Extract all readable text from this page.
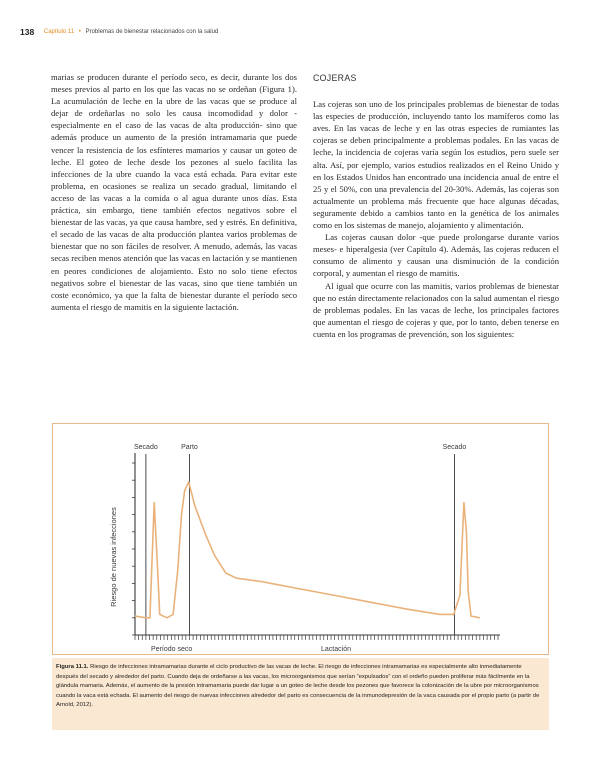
138 Capítulo 11 • Problemas de bienestar relacionados con la salud

marias se producen durante el período seco, es decir, durante los dos meses previos al parto en los que las vacas no se ordeñan (Figura 1). La acumulación de leche en la ubre de las vacas que se produce al dejar de ordeñarlas no solo les causa incomodidad y dolor - especialmente en el caso de las vacas de alta producción- sino que además produce un aumento de la presión intramamaria que puede vencer la resistencia de los esfínteres mamarios y causar un goteo de leche. El goteo de leche desde los pezones al suelo facilita las infecciones de la ubre cuando la vaca está echada. Para evitar este problema, en ocasiones se realiza un secado gradual, limitando el acceso de las vacas a la comida o al agua durante unos días. Esta práctica, sin embargo, tiene también efectos negativos sobre el bienestar de las vacas, ya que causa hambre, sed y estrés. En definitiva, el secado de las vacas de alta producción plantea varios problemas de bienestar que no son fáciles de resolver. A menudo, además, las vacas secas reciben menos atención que las vacas en lactación y se mantienen en peores condiciones de alojamiento. Esto no solo tiene efectos negativos sobre el bienestar de las vacas, sino que tiene también un coste económico, ya que la falta de bienestar durante el período seco aumenta el riesgo de mamitis en la siguiente lactación.

COJERAS

Las cojeras son uno de los principales problemas de bienestar de todas las especies de producción, incluyendo tanto los mamíferos como las aves. En las vacas de leche y en las otras especies de rumiantes las cojeras se deben principalmente a problemas podales. En las vacas de leche, la incidencia de cojeras varía según los estudios, pero suele ser alta. Así, por ejemplo, varios estudios realizados en el Reino Unido y en los Estados Unidos han encontrado una incidencia anual de entre el 25 y el 50%, con una prevalencia del 20-30%. Además, las cojeras son actualmente un problema más frecuente que hace algunas décadas, seguramente debido a cambios tanto en la genética de los animales como en los sistemas de manejo, alojamiento y alimentación.

Las cojeras causan dolor -que puede prolongarse durante varios meses- e hiperalgesia (ver Capítulo 4). Además, las cojeras reducen el consumo de alimento y causan una disminución de la condición corporal, y aumentan el riesgo de mamitis.

Al igual que ocurre con las mamitis, varios problemas de bienestar que no están directamente relacionados con la salud aumentan el riesgo de problemas podales. En las vacas de leche, los principales factores que aumentan el riesgo de cojeras y que, por lo tanto, deben tenerse en cuenta en los programas de prevención, son los siguientes:

Riesgo de nuevas infecciones
Secado	Parto	Secado
Período seco	Lactación
Figura 11.1. Riesgo de infecciones intramamarias durante el ciclo productivo de las vacas de leche. El riesgo de infecciones intramamarias es especialmente alto inmediatamente después del secado y alrededor del parto. Cuando deja de ordeñarse a las vacas, los microorganismos que serían “expulsados” con el ordeño pueden proliferar más fácilmente en la glándula mamaria. Además, el aumento de la presión intramamaria puede dar lugar a un goteo de leche desde los pezones que favorece la colonización de la ubre por microorganismos cuando la vaca está echada. El aumento del riesgo de nuevas infecciones alrededor del parto es consecuencia de la inmunodepresión de la vaca causada por el propio parto (a partir de Arnold, 2012).
